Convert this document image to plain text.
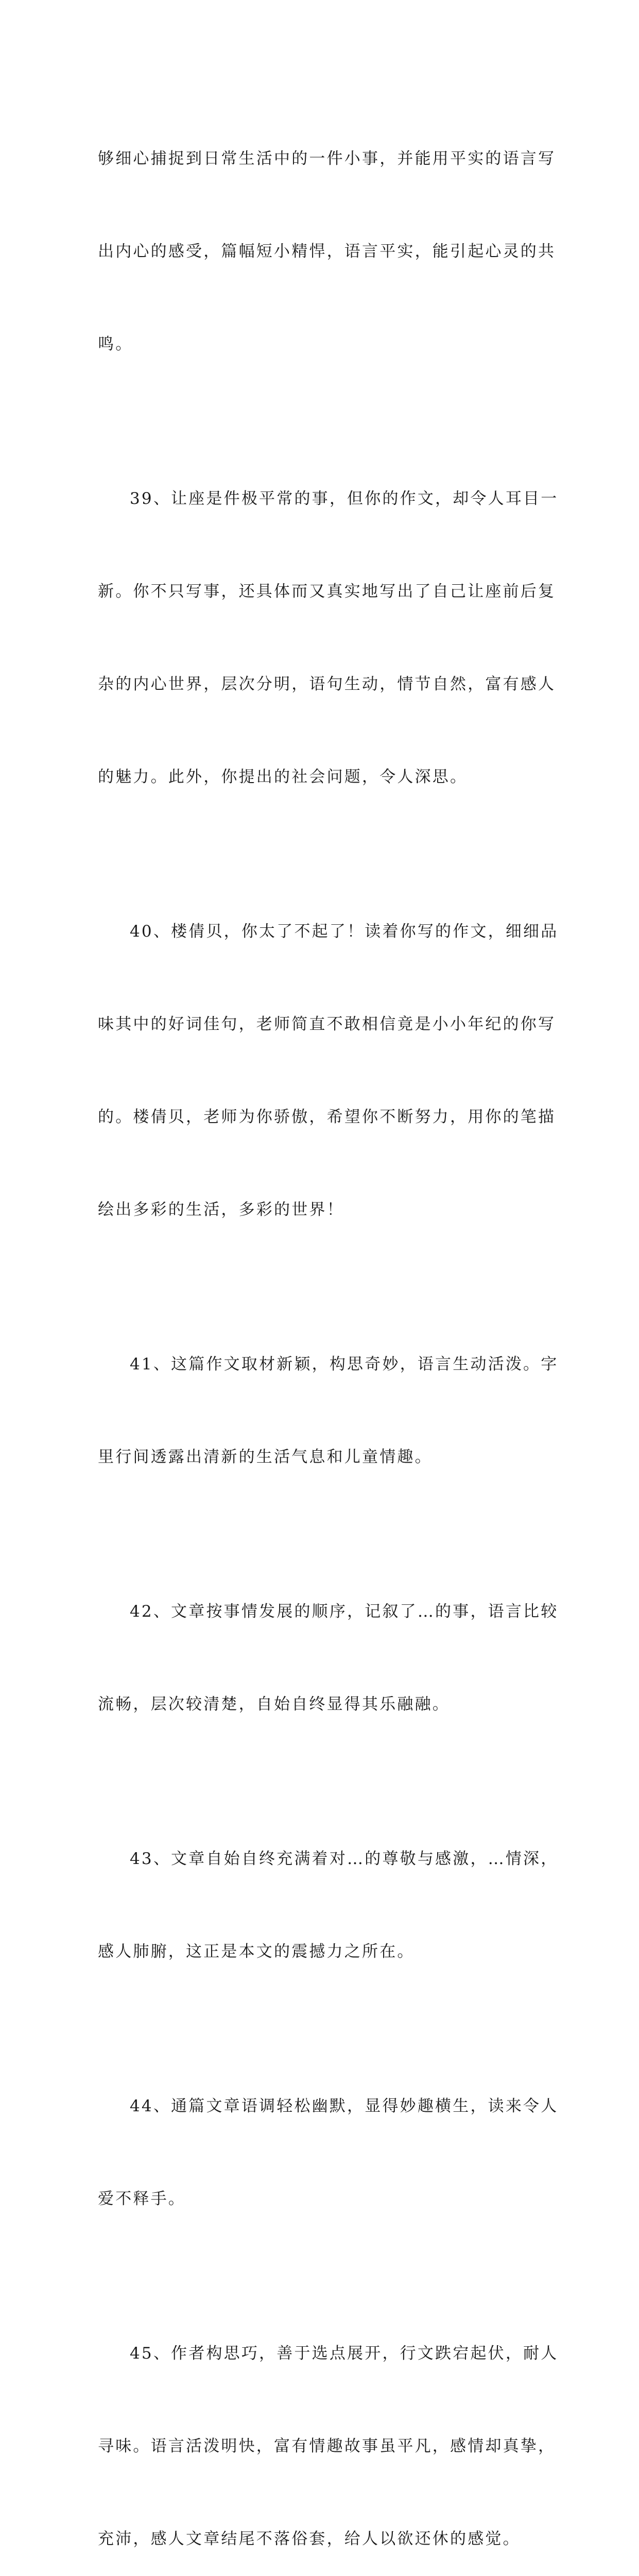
够细心捕捉到日常生活中的一件小事，并能用平实的语言写

出内心的感受，篇幅短小精悍，语言平实，能引起心灵的共

鸣。

39、让座是件极平常的事，但你的作文，却令人耳目一

新。你不只写事，还具体而又真实地写出了自己让座前后复

杂的内心世界，层次分明，语句生动，情节自然，富有感人

的魅力。此外，你提出的社会问题，令人深思。

40、楼倩贝，你太了不起了！读着你写的作文，细细品

味其中的好词佳句，老师简直不敢相信竟是小小年纪的你写

的。楼倩贝，老师为你骄傲，希望你不断努力，用你的笔描

绘出多彩的生活，多彩的世界！

41、这篇作文取材新颖，构思奇妙，语言生动活泼。字

里行间透露出清新的生活气息和儿童情趣。

42、文章按事情发展的顺序，记叙了…的事，语言比较

流畅，层次较清楚，自始自终显得其乐融融。

43、文章自始自终充满着对…的尊敬与感激，…情深，

感人肺腑，这正是本文的震撼力之所在。

44、通篇文章语调轻松幽默，显得妙趣横生，读来令人

爱不释手。

45、作者构思巧，善于选点展开，行文跌宕起伏，耐人

寻味。语言活泼明快，富有情趣故事虽平凡，感情却真挚，

充沛，感人文章结尾不落俗套，给人以欲还休的感觉。
